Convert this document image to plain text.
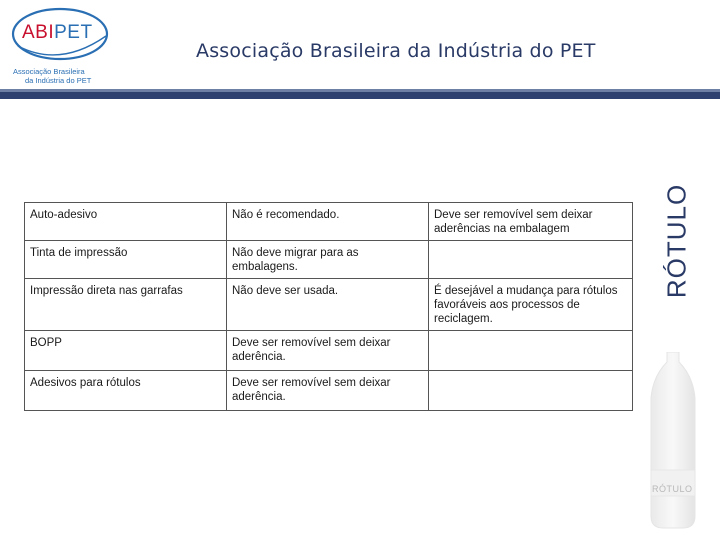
ABIPET
Associação Brasileira
da Indústria do PET
Associação Brasileira da Indústria do PET
RÓTULO
Auto-adesivo	Não é recomendado.	Deve ser removível sem deixar aderências na embalagem
Tinta de impressão	Não deve migrar para as embalagens.	
Impressão direta nas garrafas	Não deve ser usada.	É desejável a mudança para rótulos favoráveis aos processos de reciclagem.
BOPP	Deve ser removível sem deixar aderência.	
Adesivos para rótulos	Deve ser removível sem deixar aderência.	
RÓTULO
